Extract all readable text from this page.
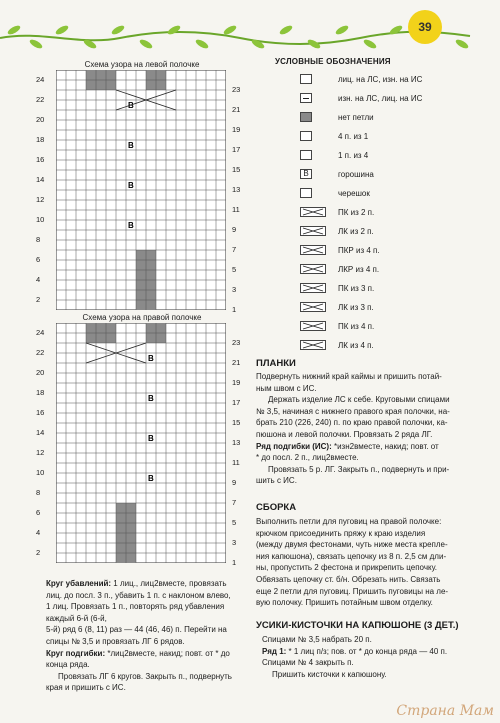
39
Схема узора на левой полочке
B
B
B
B
24
22
20
18
16
14
12
10
8
6
4
2
23
21
19
17
15
13
11
9
7
5
3
1
Схема узора на правой полочке
B
B
B
B
24
22
20
18
16
14
12
10
8
6
4
2
23
21
19
17
15
13
11
9
7
5
3
1
УСЛОВНЫЕ ОБОЗНАЧЕНИЯ
лиц. на ЛС, изн. на ИС
изн. на ЛС, лиц. на ИС
нет петли
4 п. из 1
1 п. из 4
B	горошина
черешок
ПК из 2 п.
ЛК из 2 п.
ПКР из 4 п.
ЛКР из 4 п.
ПК из 3 п.
ЛК из 3 п.
ПК из 4 п.
ЛК из 4 п.
ПЛАНКИ
Подвернуть нижний край каймы и пришить потай-
ным швом с ИС.
Держать изделие ЛС к себе. Круговыми спицами
№ 3,5, начиная с нижнего правого края полочки, на-
брать 210 (226, 240) п. по краю правой полочки, ка-
пюшона и левой полочки. Провязать 2 ряда ЛГ.
Ряд подгибки (ИС): *изн2вместе, накид; повт. от
* до посл. 2 п., лиц2вместе.
Провязать 5 р. ЛГ. Закрыть п., подвернуть и при-
шить с ИС.
СБОРКА
Выполнить петли для пуговиц на правой полочке:
крючком присоединить пряжу к краю изделия
(между двумя фестонами, чуть ниже места крепле-
ния капюшона), связать цепочку из 8 п. 2,5 см дли-
ны, пропустить 2 фестона и прикрепить цепочку.
Обвязать цепочку ст. б/н. Обрезать нить. Связать
еще 2 петли для пуговиц. Пришить пуговицы на ле-
вую полочку. Пришить потайным швом отделку.
УСИКИ-КИСТОЧКИ НА КАПЮШОНЕ (3 ДЕТ.)
Спицами № 3,5 набрать 20 п.
Ряд 1: * 1 лиц п/з; пов. от * до конца ряда — 40 п.
Спицами № 4 закрыть п.
Пришить кисточки к капюшону.
Круг убавлений: 1 лиц., лиц2вместе, провязать
лиц. до посл. 3 п., убавить 1 п. с наклоном влево,
1 лиц. Провязать 1 п., повторять ряд убавления каждый 6-й (6-й,
5-й) ряд 6 (8, 11) раз — 44 (46, 46) п. Перейти на
спицы № 3,5 и провязать ЛГ 6 рядов.
Круг подгибки: *лиц2вместе, накид; повт. от * до
конца ряда.
Провязать ЛГ 6 кругов. Закрыть п., подвернуть
края и пришить с ИС.
Страна Мам
